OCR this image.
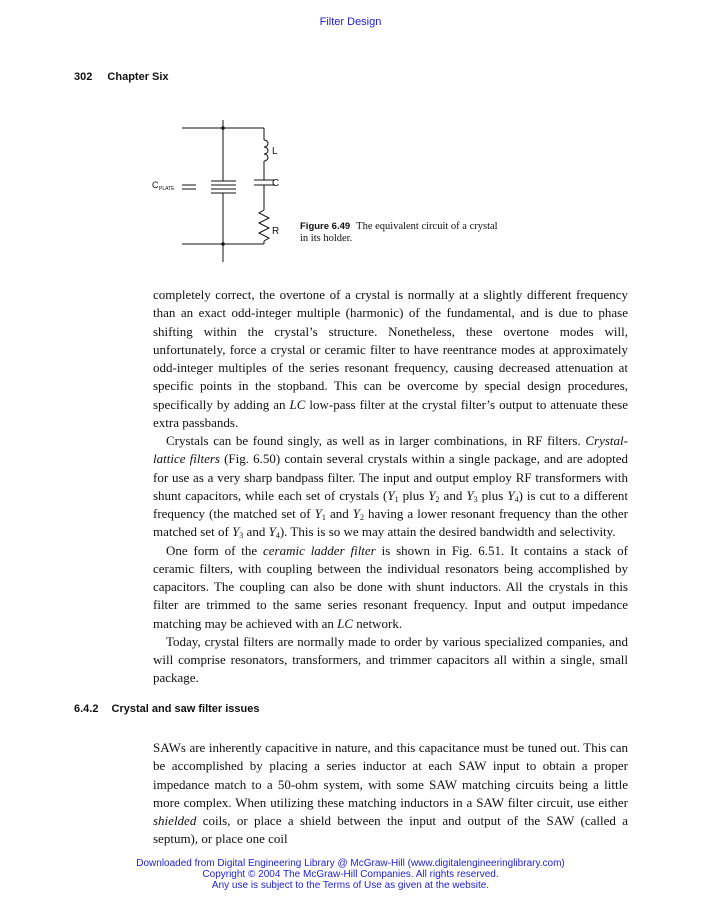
Filter Design
302 Chapter Six
L
C
R
C PLATE
Figure 6.49 The equivalent circuit of a crystal in its holder.

completely correct, the overtone of a crystal is normally at a slightly different frequency than an exact odd-integer multiple (harmonic) of the fundamental, and is due to phase shifting within the crystal’s structure. Nonetheless, these overtone modes will, unfortunately, force a crystal or ceramic filter to have reentrance modes at approximately odd-integer multiples of the series resonant frequency, causing decreased attenuation at specific points in the stopband. This can be overcome by special design procedures, specifically by adding an LC low-pass filter at the crystal filter’s output to attenuate these extra passbands.

Crystals can be found singly, as well as in larger combinations, in RF filters. Crystal-lattice filters (Fig. 6.50) contain several crystals within a single package, and are adopted for use as a very sharp bandpass filter. The input and output employ RF transformers with shunt capacitors, while each set of crystals ($Y_1$ plus $Y_2$ and $Y_3$ plus $Y_4$) is cut to a different frequency (the matched set of $Y_1$ and $Y_2$ having a lower resonant frequency than the other matched set of $Y_3$ and $Y_4$). This is so we may attain the desired bandwidth and selectivity.

One form of the ceramic ladder filter is shown in Fig. 6.51. It contains a stack of ceramic filters, with coupling between the individual resonators being accomplished by capacitors. The coupling can also be done with shunt inductors. All the crystals in this filter are trimmed to the same series resonant frequency. Input and output impedance matching may be achieved with an LC network.

Today, crystal filters are normally made to order by various specialized companies, and will comprise resonators, transformers, and trimmer capacitors all within a single, small package.

6.4.2 Crystal and saw filter issues

SAWs are inherently capacitive in nature, and this capacitance must be tuned out. This can be accomplished by placing a series inductor at each SAW input to obtain a proper impedance match to a 50-ohm system, with some SAW matching circuits being a little more complex. When utilizing these matching inductors in a SAW filter circuit, use either shielded coils, or place a shield between the input and output of the SAW (called a septum), or place one coil

Downloaded from Digital Engineering Library @ McGraw-Hill (www.digitalengineeringlibrary.com)
Copyright © 2004 The McGraw-Hill Companies. All rights reserved.
Any use is subject to the Terms of Use as given at the website.
